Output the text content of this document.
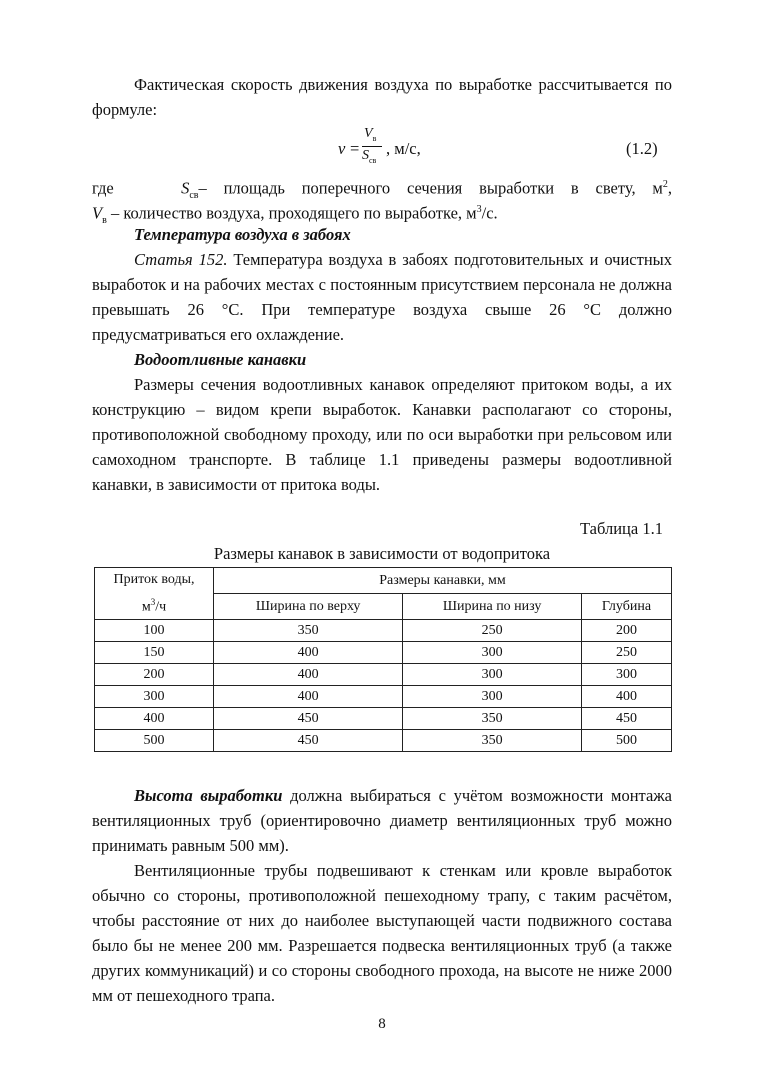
Фактическая скорость движения воздуха по выработке рассчитывается по формуле:

v =
$V_в$
$S_{св}$
, м/с,	(1.2)

где	$S_{св}-$ площадь поперечного сечения выработки в свету, $м^2$,

$V_в$ – количество воздуха, проходящего по выработке, $м^3/с$.

Температура воздуха в забоях

Статья 152. Температура воздуха в забоях подготовительных и очистных выработок и на рабочих местах с постоянным присутствием персонала не должна превышать 26 °С. При температуре воздуха свыше 26 °С должно предусматриваться его охлаждение.

Водоотливные канавки

Размеры сечения водоотливных канавок определяют притоком воды, а их конструкцию – видом крепи выработок. Канавки располагают со стороны, противоположной свободному проходу, или по оси выработки при рельсовом или самоходном транспорте. В таблице 1.1 приведены размеры водоотливной канавки, в зависимости от притока воды.

Таблица 1.1
Размеры канавок в зависимости от водопритока
Приток воды,
$м^3/ч$	Размеры канавки, мм		
	Ширина по верху	Ширина по низу	Глубина
100	350	250	200
150	400	300	250
200	400	300	300
300	400	300	400
400	450	350	450
500	450	350	500

Высота выработки должна выбираться с учётом возможности монтажа вентиляционных труб (ориентировочно диаметр вентиляционных труб можно принимать равным 500 мм).

Вентиляционные трубы подвешивают к стенкам или кровле выработок обычно со стороны, противоположной пешеходному трапу, с таким расчётом, чтобы расстояние от них до наиболее выступающей части подвижного состава было бы не менее 200 мм. Разрешается подвеска вентиляционных труб (а также других коммуникаций) и со стороны свободного прохода, на высоте не ниже 2000 мм от пешеходного трапа.

8
